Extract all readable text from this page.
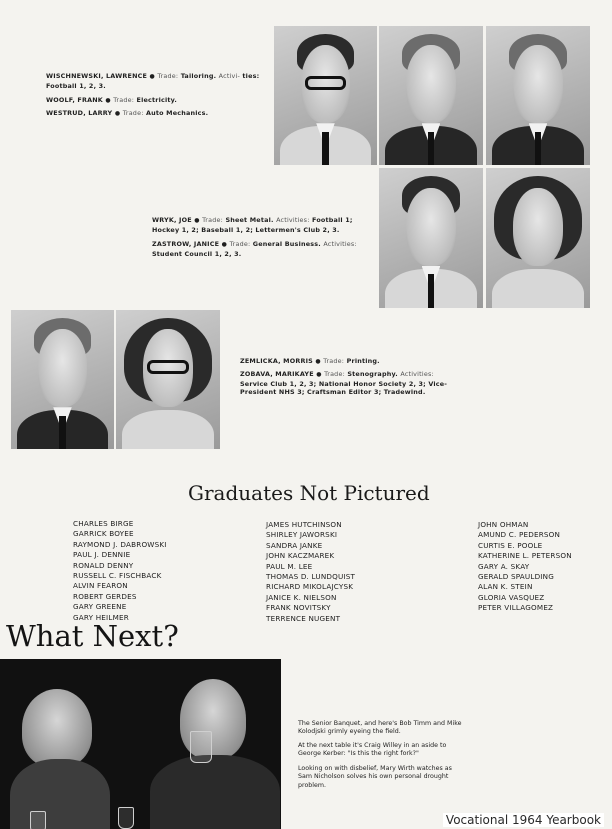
WISCHNEWSKI, LAWRENCE ● Trade: Tailoring. Activi- ties: Football 1, 2, 3.
WOOLF, FRANK ● Trade: Electricity.
WESTRUD, LARRY ● Trade: Auto Mechanics.
WRYK, JOE ● Trade: Sheet Metal. Activities: Football 1; Hockey 1, 2; Baseball 1, 2; Lettermen's Club 2, 3.
ZASTROW, JANICE ● Trade: General Business. Activities: Student Council 1, 2, 3.
ZEMLICKA, MORRIS ● Trade: Printing.
ZOBAVA, MARIKAYE ● Trade: Stenography. Activities: Service Club 1, 2, 3; National Honor Society 2, 3; Vice-President NHS 3; Craftsman Editor 3; Tradewind.
Graduates Not Pictured
CHARLES BIRGE
GARRICK BOYEE
RAYMOND J. DABROWSKI
PAUL J. DENNIE
RONALD DENNY
RUSSELL C. FISCHBACK
ALVIN FEARON
ROBERT GERDES
GARY GREENE
GARY HEILMER
JAMES HUTCHINSON
SHIRLEY JAWORSKI
SANDRA JANKE
JOHN KACZMAREK
PAUL M. LEE
THOMAS D. LUNDQUIST
RICHARD MIKOLAJCYSK
JANICE K. NIELSON
FRANK NOVITSKY
TERRENCE NUGENT
JOHN OHMAN
AMUND C. PEDERSON
CURTIS E. POOLE
KATHERINE L. PETERSON
GARY A. SKAY
GERALD SPAULDING
ALAN K. STEIN
GLORIA VASQUEZ
PETER VILLAGOMEZ
What Next?
The Senior Banquet, and here's Bob Timm and Mike Kolodjski grimly eyeing the field.
At the next table it's Craig Willey in an aside to George Kerber: "Is this the right fork?"
Looking on with disbelief, Mary Wirth watches as Sam Nicholson solves his own personal drought problem.
Vocational 1964 Yearbook
